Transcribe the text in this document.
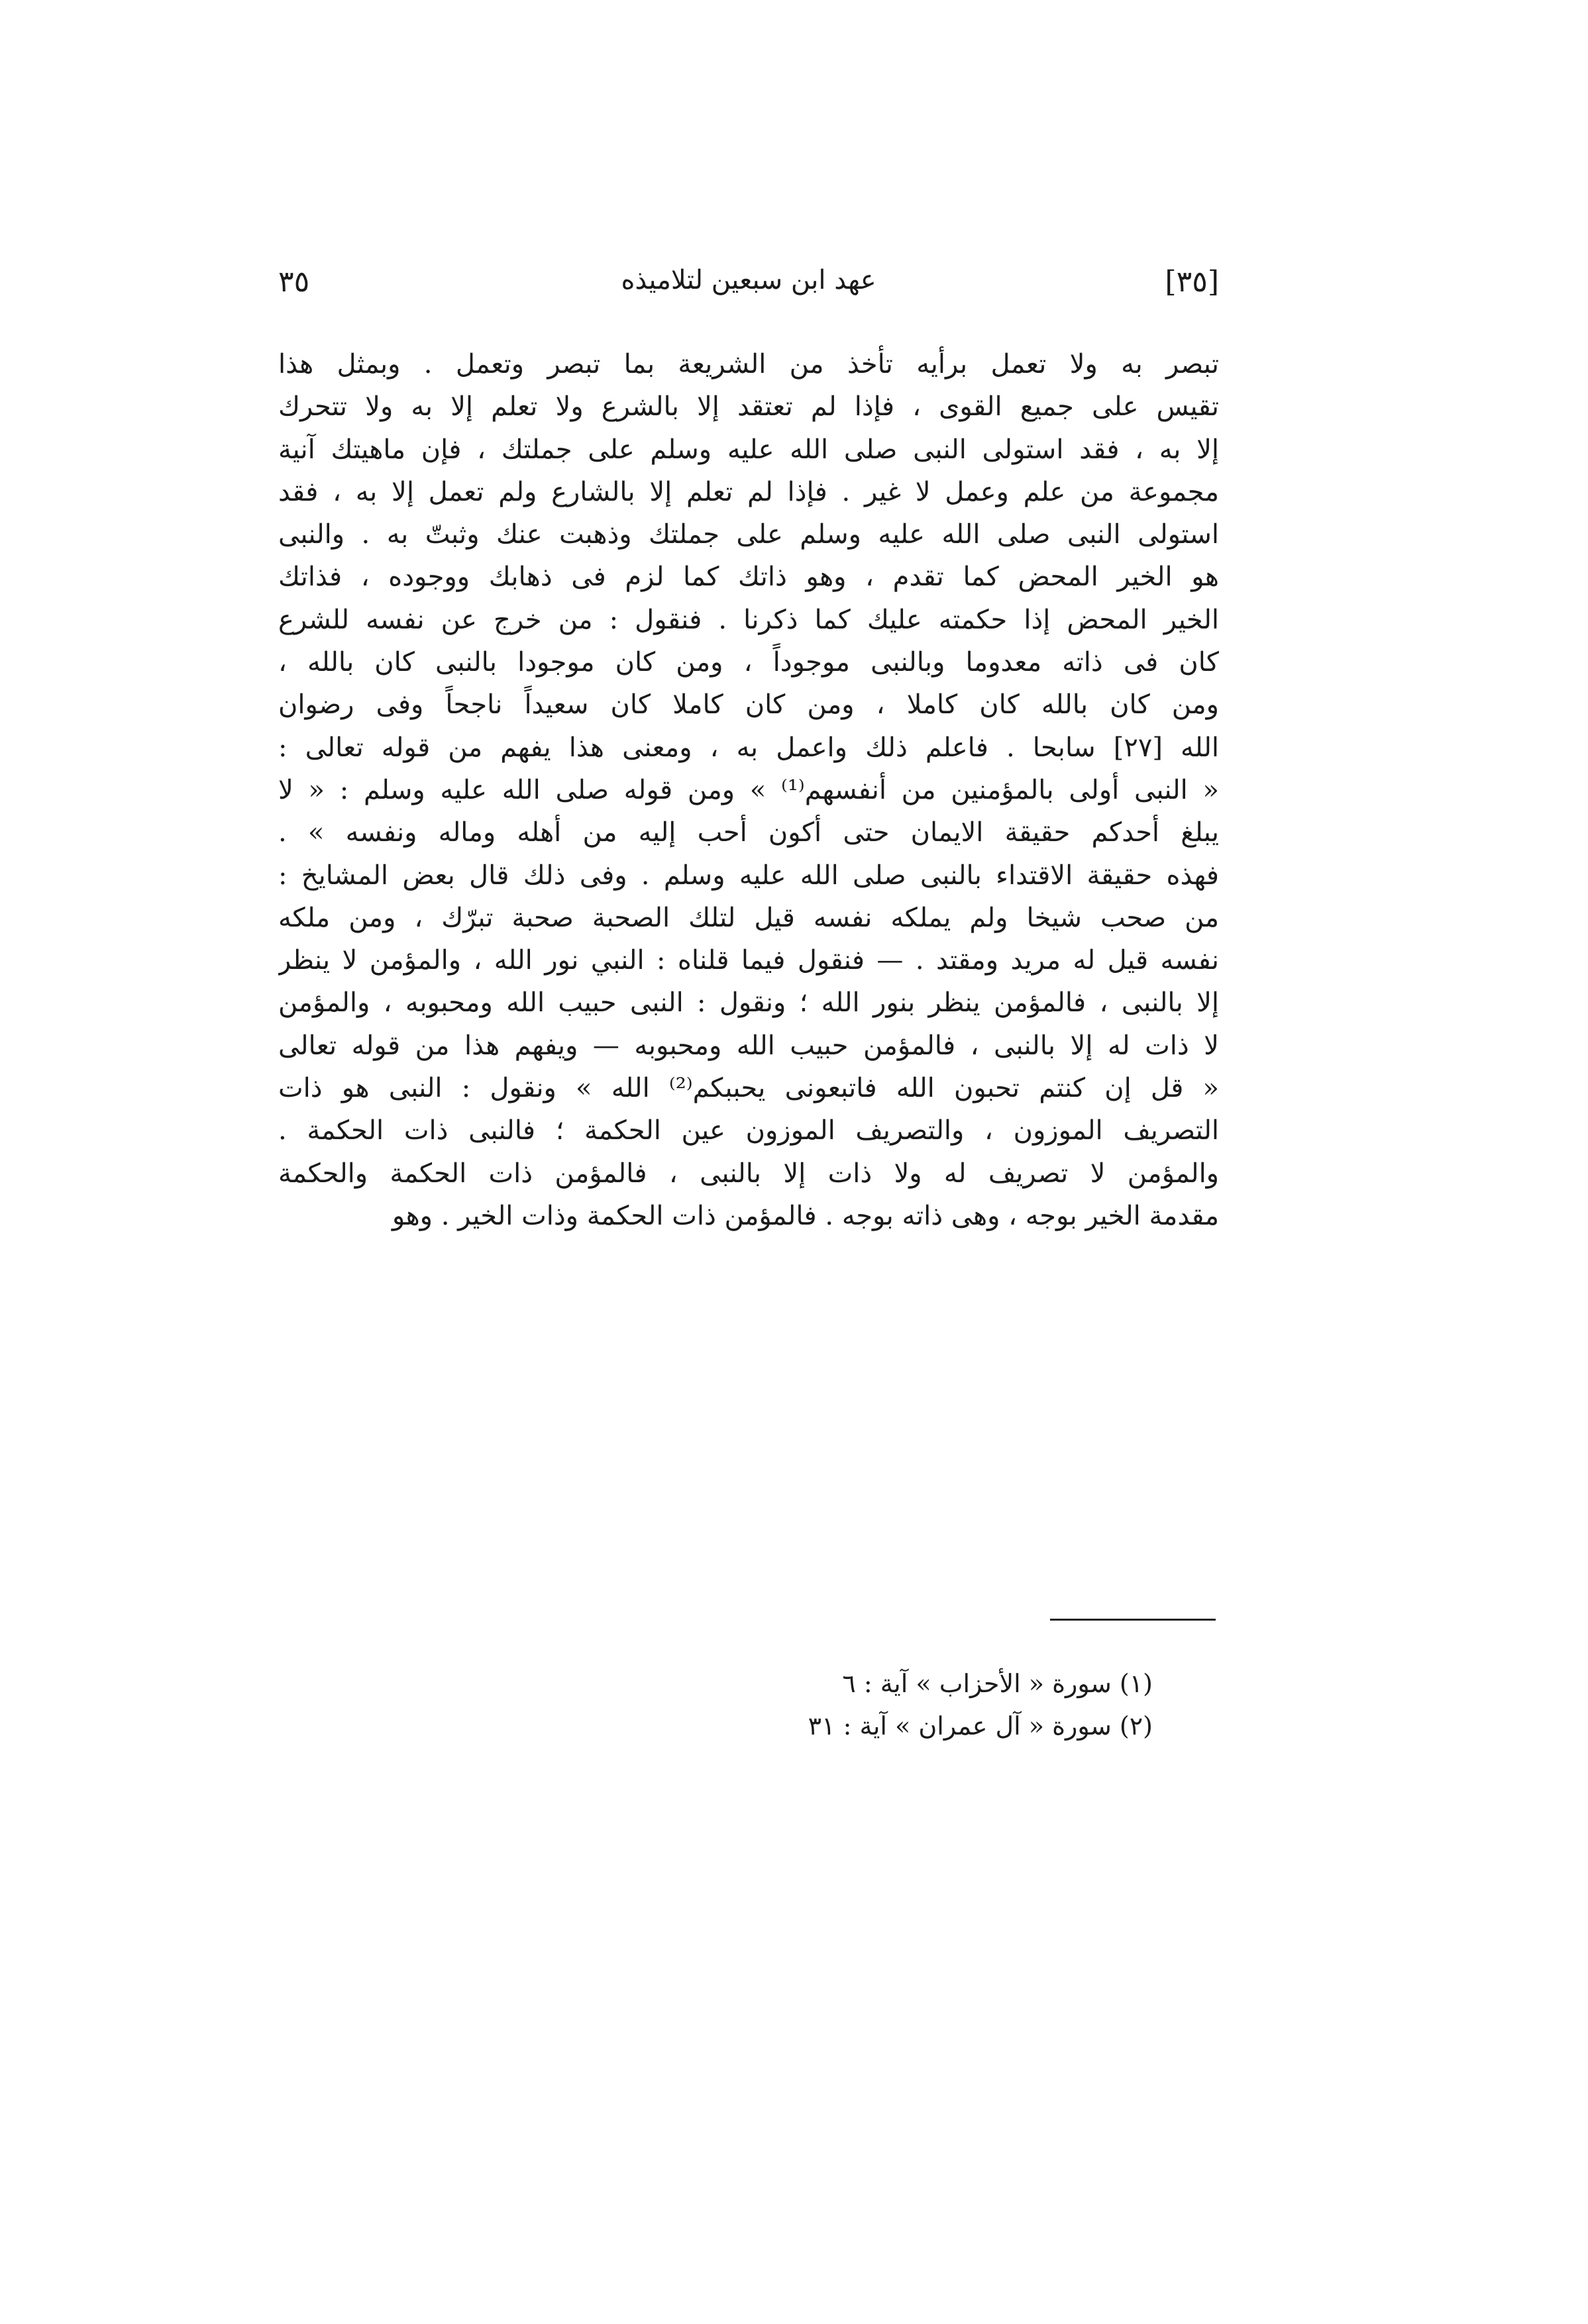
[٣٥]
عهد ابن سبعين لتلاميذه
٣٥
تبصر به ولا تعمل برأيه تأخذ من الشريعة بما تبصر وتعمل . وبمثل هذا
تقيس على جميع القوى ، فإذا لم تعتقد إلا بالشرع ولا تعلم إلا به ولا تتحرك
إلا به ، فقد استولى النبى صلى الله عليه وسلم على جملتك ، فإن ماهيتك آنية
مجموعة من علم وعمل لا غير . فإذا لم تعلم إلا بالشارع ولم تعمل إلا به ، فقد
استولى النبى صلى الله عليه وسلم على جملتك وذهبت عنك وثبتّ به . والنبى
هو الخير المحض كما تقدم ، وهو ذاتك كما لزم فى ذهابك ووجوده ، فذاتك
الخير المحض إذا حكمته عليك كما ذكرنا . فنقول : من خرج عن نفسه للشرع
كان فى ذاته معدوما وبالنبى موجوداً ، ومن كان موجودا بالنبى كان بالله ،
ومن كان بالله كان كاملا ، ومن كان كاملا كان سعيداً ناجحاً وفى رضوان
الله [٢٧] سابحا . فاعلم ذلك واعمل به ، ومعنى هذا يفهم من قوله تعالى :
« النبى أولى بالمؤمنين من أنفسهم⁽¹⁾ » ومن قوله صلى الله عليه وسلم : « لا
يبلغ أحدكم حقيقة الايمان حتى أكون أحب إليه من أهله وماله ونفسه » .
فهذه حقيقة الاقتداء بالنبى صلى الله عليه وسلم . وفى ذلك قال بعض المشايخ :
من صحب شيخا ولم يملكه نفسه قيل لتلك الصحبة صحبة تبرّك ، ومن ملكه
نفسه قيل له مريد ومقتد . — فنقول فيما قلناه : النبي نور الله ، والمؤمن لا ينظر
إلا بالنبى ، فالمؤمن ينظر بنور الله ؛ ونقول : النبى حبيب الله ومحبوبه ، والمؤمن
لا ذات له إلا بالنبى ، فالمؤمن حبيب الله ومحبوبه — ويفهم هذا من قوله تعالى
« قل إن كنتم تحبون الله فاتبعونى يحببكم⁽²⁾ الله » ونقول : النبى هو ذات
التصريف الموزون ، والتصريف الموزون عين الحكمة ؛ فالنبى ذات الحكمة .
والمؤمن لا تصريف له ولا ذات إلا بالنبى ، فالمؤمن ذات الحكمة والحكمة
مقدمة الخير بوجه ، وهى ذاته بوجه . فالمؤمن ذات الحكمة وذات الخير . وهو
(١) سورة « الأحزاب » آية : ٦
(٢) سورة « آل عمران » آية : ٣١
